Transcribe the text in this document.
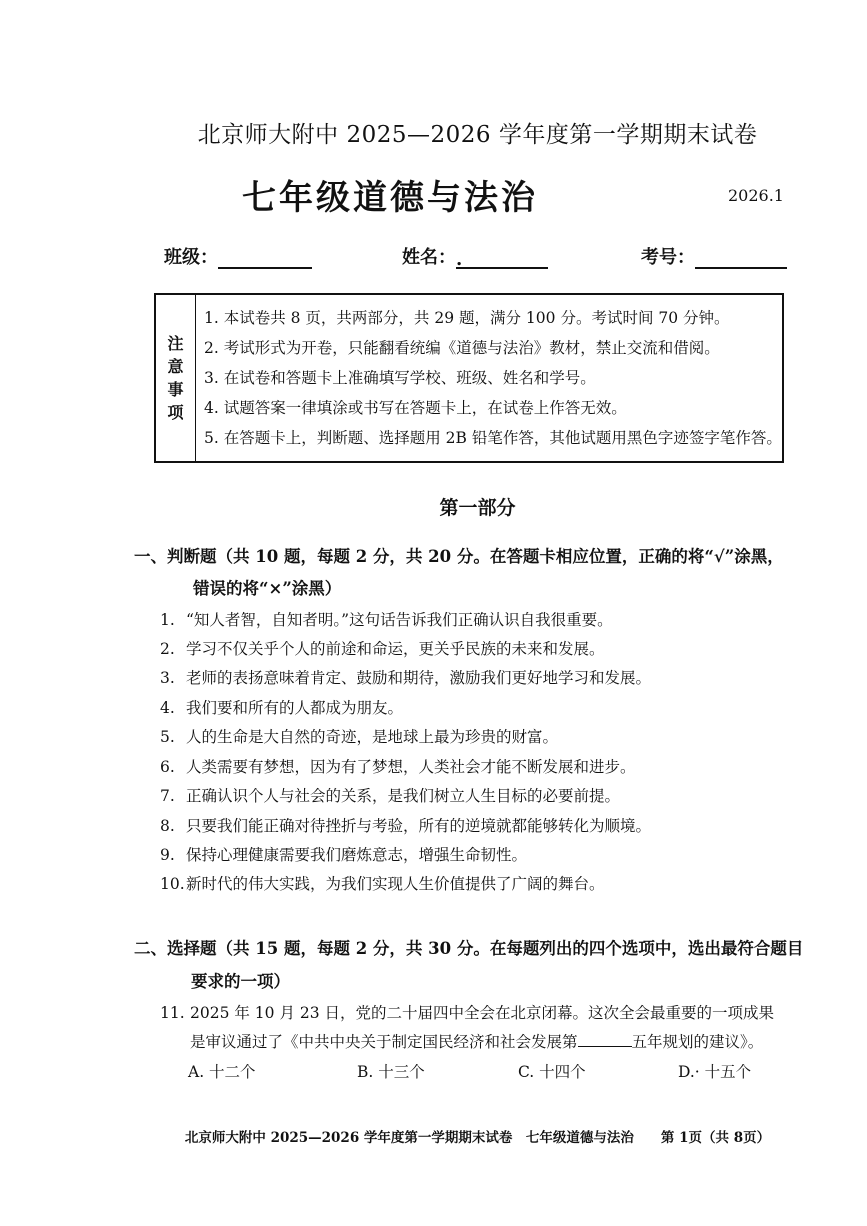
北京师大附中 2025—2026 学年度第一学期期末试卷
七年级道德与法治	2026.1
班级：	姓名：.	考号：
注
意
事
项
1. 本试卷共 8 页，共两部分，共 29 题，满分 100 分。考试时间 70 分钟。
2. 考试形式为开卷，只能翻看统编《道德与法治》教材，禁止交流和借阅。
3. 在试卷和答题卡上准确填写学校、班级、姓名和学号。
4. 试题答案一律填涂或书写在答题卡上，在试卷上作答无效。
5. 在答题卡上，判断题、选择题用 2B 铅笔作答，其他试题用黑色字迹签字笔作答。
第一部分
一、判断题（共 10 题，每题 2 分，共 20 分。在答题卡相应位置，正确的将“√”涂黑，
错误的将“×”涂黑）
1. “知人者智，自知者明。”这句话告诉我们正确认识自我很重要。
2. 学习不仅关乎个人的前途和命运，更关乎民族的未来和发展。
3. 老师的表扬意味着肯定、鼓励和期待，激励我们更好地学习和发展。
4. 我们要和所有的人都成为朋友。
5. 人的生命是大自然的奇迹，是地球上最为珍贵的财富。
6. 人类需要有梦想，因为有了梦想，人类社会才能不断发展和进步。
7. 正确认识个人与社会的关系，是我们树立人生目标的必要前提。
8. 只要我们能正确对待挫折与考验，所有的逆境就都能够转化为顺境。
9. 保持心理健康需要我们磨炼意志，增强生命韧性。
10.新时代的伟大实践，为我们实现人生价值提供了广阔的舞台。
二、选择题（共 15 题，每题 2 分，共 30 分。在每题列出的四个选项中，选出最符合题目
要求的一项）
11. 2025 年 10 月 23 日，党的二十届四中全会在北京闭幕。这次全会最重要的一项成果
是审议通过了《中共中央关于制定国民经济和社会发展第	五年规划的建议》。
A. 十二个	B. 十三个	C. 十四个	D.· 十五个
北京师大附中 2025—2026 学年度第一学期期末试卷　七年级道德与法治　　第 1页（共 8页）
